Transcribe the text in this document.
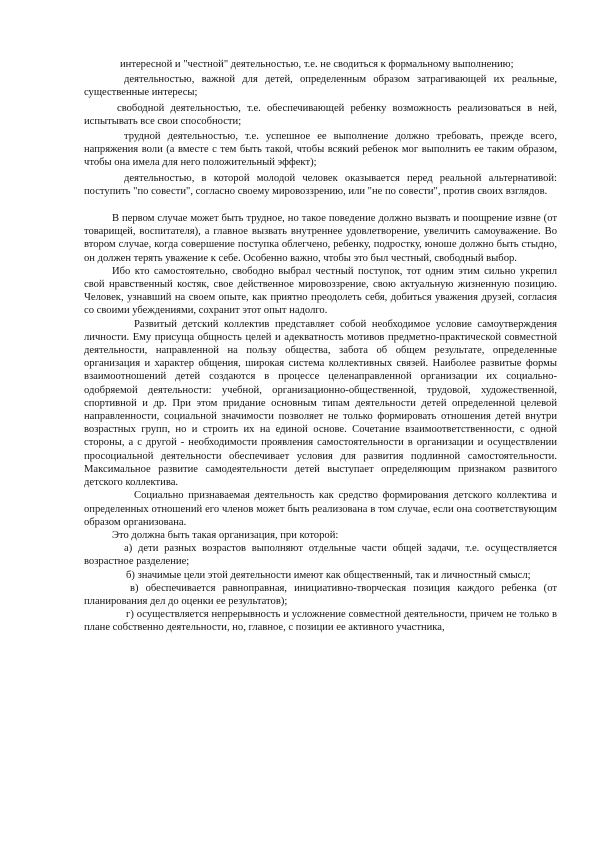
интересной и "честной" деятельностью, т.е. не сводиться к формальному выполнению;

деятельностью, важной для детей, определенным образом затрагивающей их реальные, существенные интересы;

свободной деятельностью, т.е. обеспечивающей ребенку возможность реализоваться в ней, испытывать все свои способности;

трудной деятельностью, т.е. успешное ее выполнение должно требовать, прежде всего, напряжения воли (а вместе с тем быть такой, чтобы всякий ребенок мог выполнить ее таким образом, чтобы она имела для него положительный эффект);

деятельностью, в которой молодой человек оказывается перед реальной альтернативой: поступить "по совести", согласно своему мировоззрению, или "не по совести", против своих взглядов.

В первом случае может быть трудное, но такое поведение должно вызвать и поощрение извне (от товарищей, воспитателя), а главное вызвать внутреннее удовлетворение, увеличить самоуважение. Во втором случае, когда совершение поступка облегчено, ребенку, подростку, юноше должно быть стыдно, он должен терять уважение к себе. Особенно важно, чтобы это был честный, свободный выбор.

Ибо кто самостоятельно, свободно выбрал честный поступок, тот одним этим сильно укрепил свой нравственный костяк, свое действенное мировоззрение, свою актуальную жизненную позицию. Человек, узнавший на своем опыте, как приятно преодолеть себя, добиться уважения друзей, согласия со своими убеждениями, сохранит этот опыт надолго.

Развитый детский коллектив представляет собой необходимое условие самоутверждения личности. Ему присуща общность целей и адекватность мотивов предметно-практической совместной деятельности, направленной на пользу общества, забота об общем результате, определенные организация и характер общения, широкая система коллективных связей. Наиболее развитые формы взаимоотношений детей создаются в процессе целенаправленной организации их социально-одобряемой деятельности: учебной, организационно-общественной, трудовой, художественной, спортивной и др. При этом придание основным типам деятельности детей определенной целевой направленности, социальной значимости позволяет не только формировать отношения детей внутри возрастных групп, но и строить их на единой основе. Сочетание взаимоответственности, с одной стороны, а с другой - необходимости проявления самостоятельности в организации и осуществлении просоциальной деятельности обеспечивает условия для развития подлинной самостоятельности. Максимальное развитие самодеятельности детей выступает определяющим признаком развитого детского коллектива.

Социально признаваемая деятельность как средство формирования детского коллектива и определенных отношений его членов может быть реализована в том случае, если она соответствующим образом организована.

Это должна быть такая организация, при которой:

а) дети разных возрастов выполняют отдельные части общей задачи, т.е. осуществляется возрастное разделение;

б) значимые цели этой деятельности имеют как общественный, так и личностный смысл;

в) обеспечивается равноправная, инициативно-творческая позиция каждого ребенка (от планирования дел до оценки ее результатов);

г) осуществляется непрерывность и усложнение совместной деятельности, причем не только в плане собственно деятельности, но, главное, с позиции ее активного участника,
